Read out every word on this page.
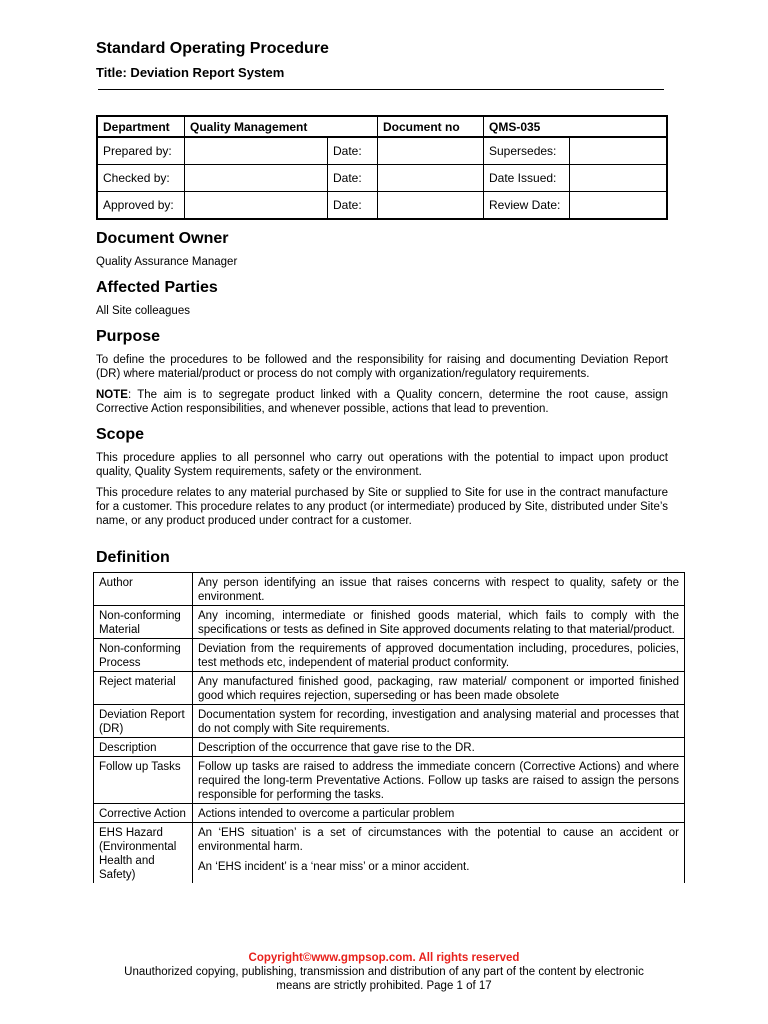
Standard Operating Procedure
Title: Deviation Report System
Department	Quality Management		Document no	QMS-035	
Prepared by:		Date:		Supersedes:	
Checked by:		Date:		Date Issued:	
Approved by:		Date:		Review Date:	
Document Owner

Quality Assurance Manager

Affected Parties

All Site colleagues

Purpose

To define the procedures to be followed and the responsibility for raising and documenting Deviation Report (DR) where material/product or process do not comply with organization/regulatory requirements.

NOTE: The aim is to segregate product linked with a Quality concern, determine the root cause, assign Corrective Action responsibilities, and whenever possible, actions that lead to prevention.

Scope

This procedure applies to all personnel who carry out operations with the potential to impact upon product quality, Quality System requirements, safety or the environment.

This procedure relates to any material purchased by Site or supplied to Site for use in the contract manufacture for a customer. This procedure relates to any product (or intermediate) produced by Site, distributed under Site’s name, or any product produced under contract for a customer.

Definition
Author	Any person identifying an issue that raises concerns with respect to quality, safety or the environment.

Non-conforming Material	Any incoming, intermediate or finished goods material, which fails to comply with the specifications or tests as defined in Site approved documents relating to that material/product.

Non-conforming Process	Deviation from the requirements of approved documentation including, procedures, policies, test methods etc, independent of material product conformity.

Reject material	Any manufactured finished good, packaging, raw material/ component or imported finished good which requires rejection, superseding or has been made obsolete

Deviation Report (DR)	Documentation system for recording, investigation and analysing material and processes that do not comply with Site requirements.

Description	Description of the occurrence that gave rise to the DR.

Follow up Tasks	Follow up tasks are raised to address the immediate concern (Corrective Actions) and where required the long-term Preventative Actions. Follow up tasks are raised to assign the persons responsible for performing the tasks.

Corrective Action	Actions intended to overcome a particular problem

EHS Hazard (Environmental Health and Safety)	An ‘EHS situation’ is a set of circumstances with the potential to cause an accident or environmental harm.

An ‘EHS incident’ is a ‘near miss’ or a minor accident.

Copyright©www.gmpsop.com. All rights reserved
Unauthorized copying, publishing, transmission and distribution of any part of the content by electronic
means are strictly prohibited. Page 1 of 17
